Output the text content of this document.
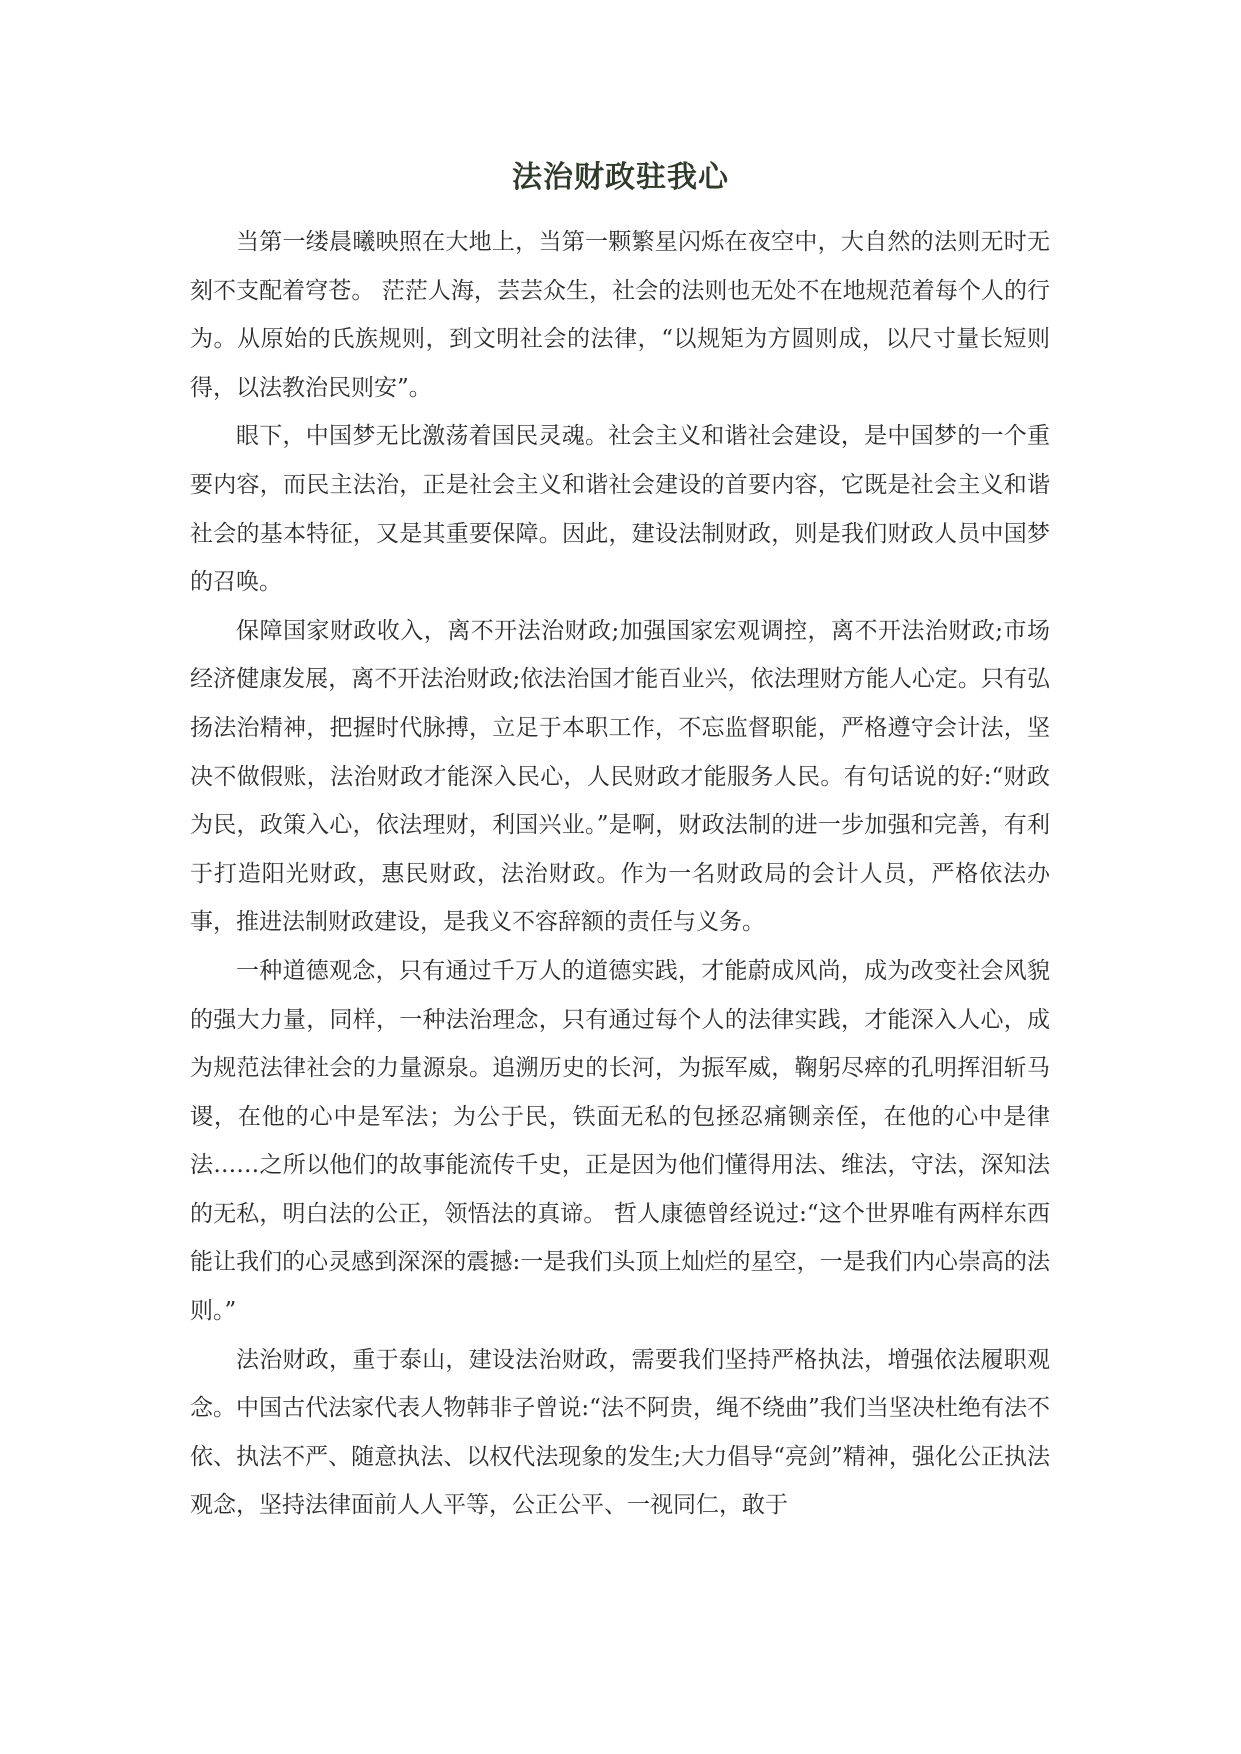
法治财政驻我心

当第一缕晨曦映照在大地上，当第一颗繁星闪烁在夜空中，大自然的法则无时无刻不支配着穹苍。 茫茫人海，芸芸众生，社会的法则也无处不在地规范着每个人的行为。从原始的氏族规则，到文明社会的法律，“以规矩为方圆则成，以尺寸量长短则得，以法教治民则安”。

眼下，中国梦无比激荡着国民灵魂。社会主义和谐社会建设，是中国梦的一个重要内容，而民主法治，正是社会主义和谐社会建设的首要内容，它既是社会主义和谐社会的基本特征，又是其重要保障。因此，建设法制财政，则是我们财政人员中国梦的召唤。

保障国家财政收入，离不开法治财政;加强国家宏观调控，离不开法治财政;市场经济健康发展，离不开法治财政;依法治国才能百业兴，依法理财方能人心定。只有弘扬法治精神，把握时代脉搏，立足于本职工作，不忘监督职能，严格遵守会计法，坚决不做假账，法治财政才能深入民心，人民财政才能服务人民。有句话说的好:“财政为民，政策入心，依法理财，利国兴业。”是啊，财政法制的进一步加强和完善，有利于打造阳光财政，惠民财政，法治财政。作为一名财政局的会计人员，严格依法办事，推进法制财政建设，是我义不容辞额的责任与义务。

一种道德观念，只有通过千万人的道德实践，才能蔚成风尚，成为改变社会风貌的强大力量，同样，一种法治理念，只有通过每个人的法律实践，才能深入人心，成为规范法律社会的力量源泉。追溯历史的长河，为振军威，鞠躬尽瘁的孔明挥泪斩马谡，在他的心中是军法；为公于民，铁面无私的包拯忍痛铡亲侄，在他的心中是律法……之所以他们的故事能流传千史，正是因为他们懂得用法、维法，守法，深知法的无私，明白法的公正，领悟法的真谛。 哲人康德曾经说过:“这个世界唯有两样东西能让我们的心灵感到深深的震撼:一是我们头顶上灿烂的星空，一是我们内心崇高的法则。”

法治财政，重于泰山，建设法治财政，需要我们坚持严格执法，增强依法履职观念。中国古代法家代表人物韩非子曾说:“法不阿贵，绳不绕曲”我们当坚决杜绝有法不依、执法不严、随意执法、以权代法现象的发生;大力倡导“亮剑”精神，强化公正执法观念，坚持法律面前人人平等，公正公平、一视同仁，敢于
